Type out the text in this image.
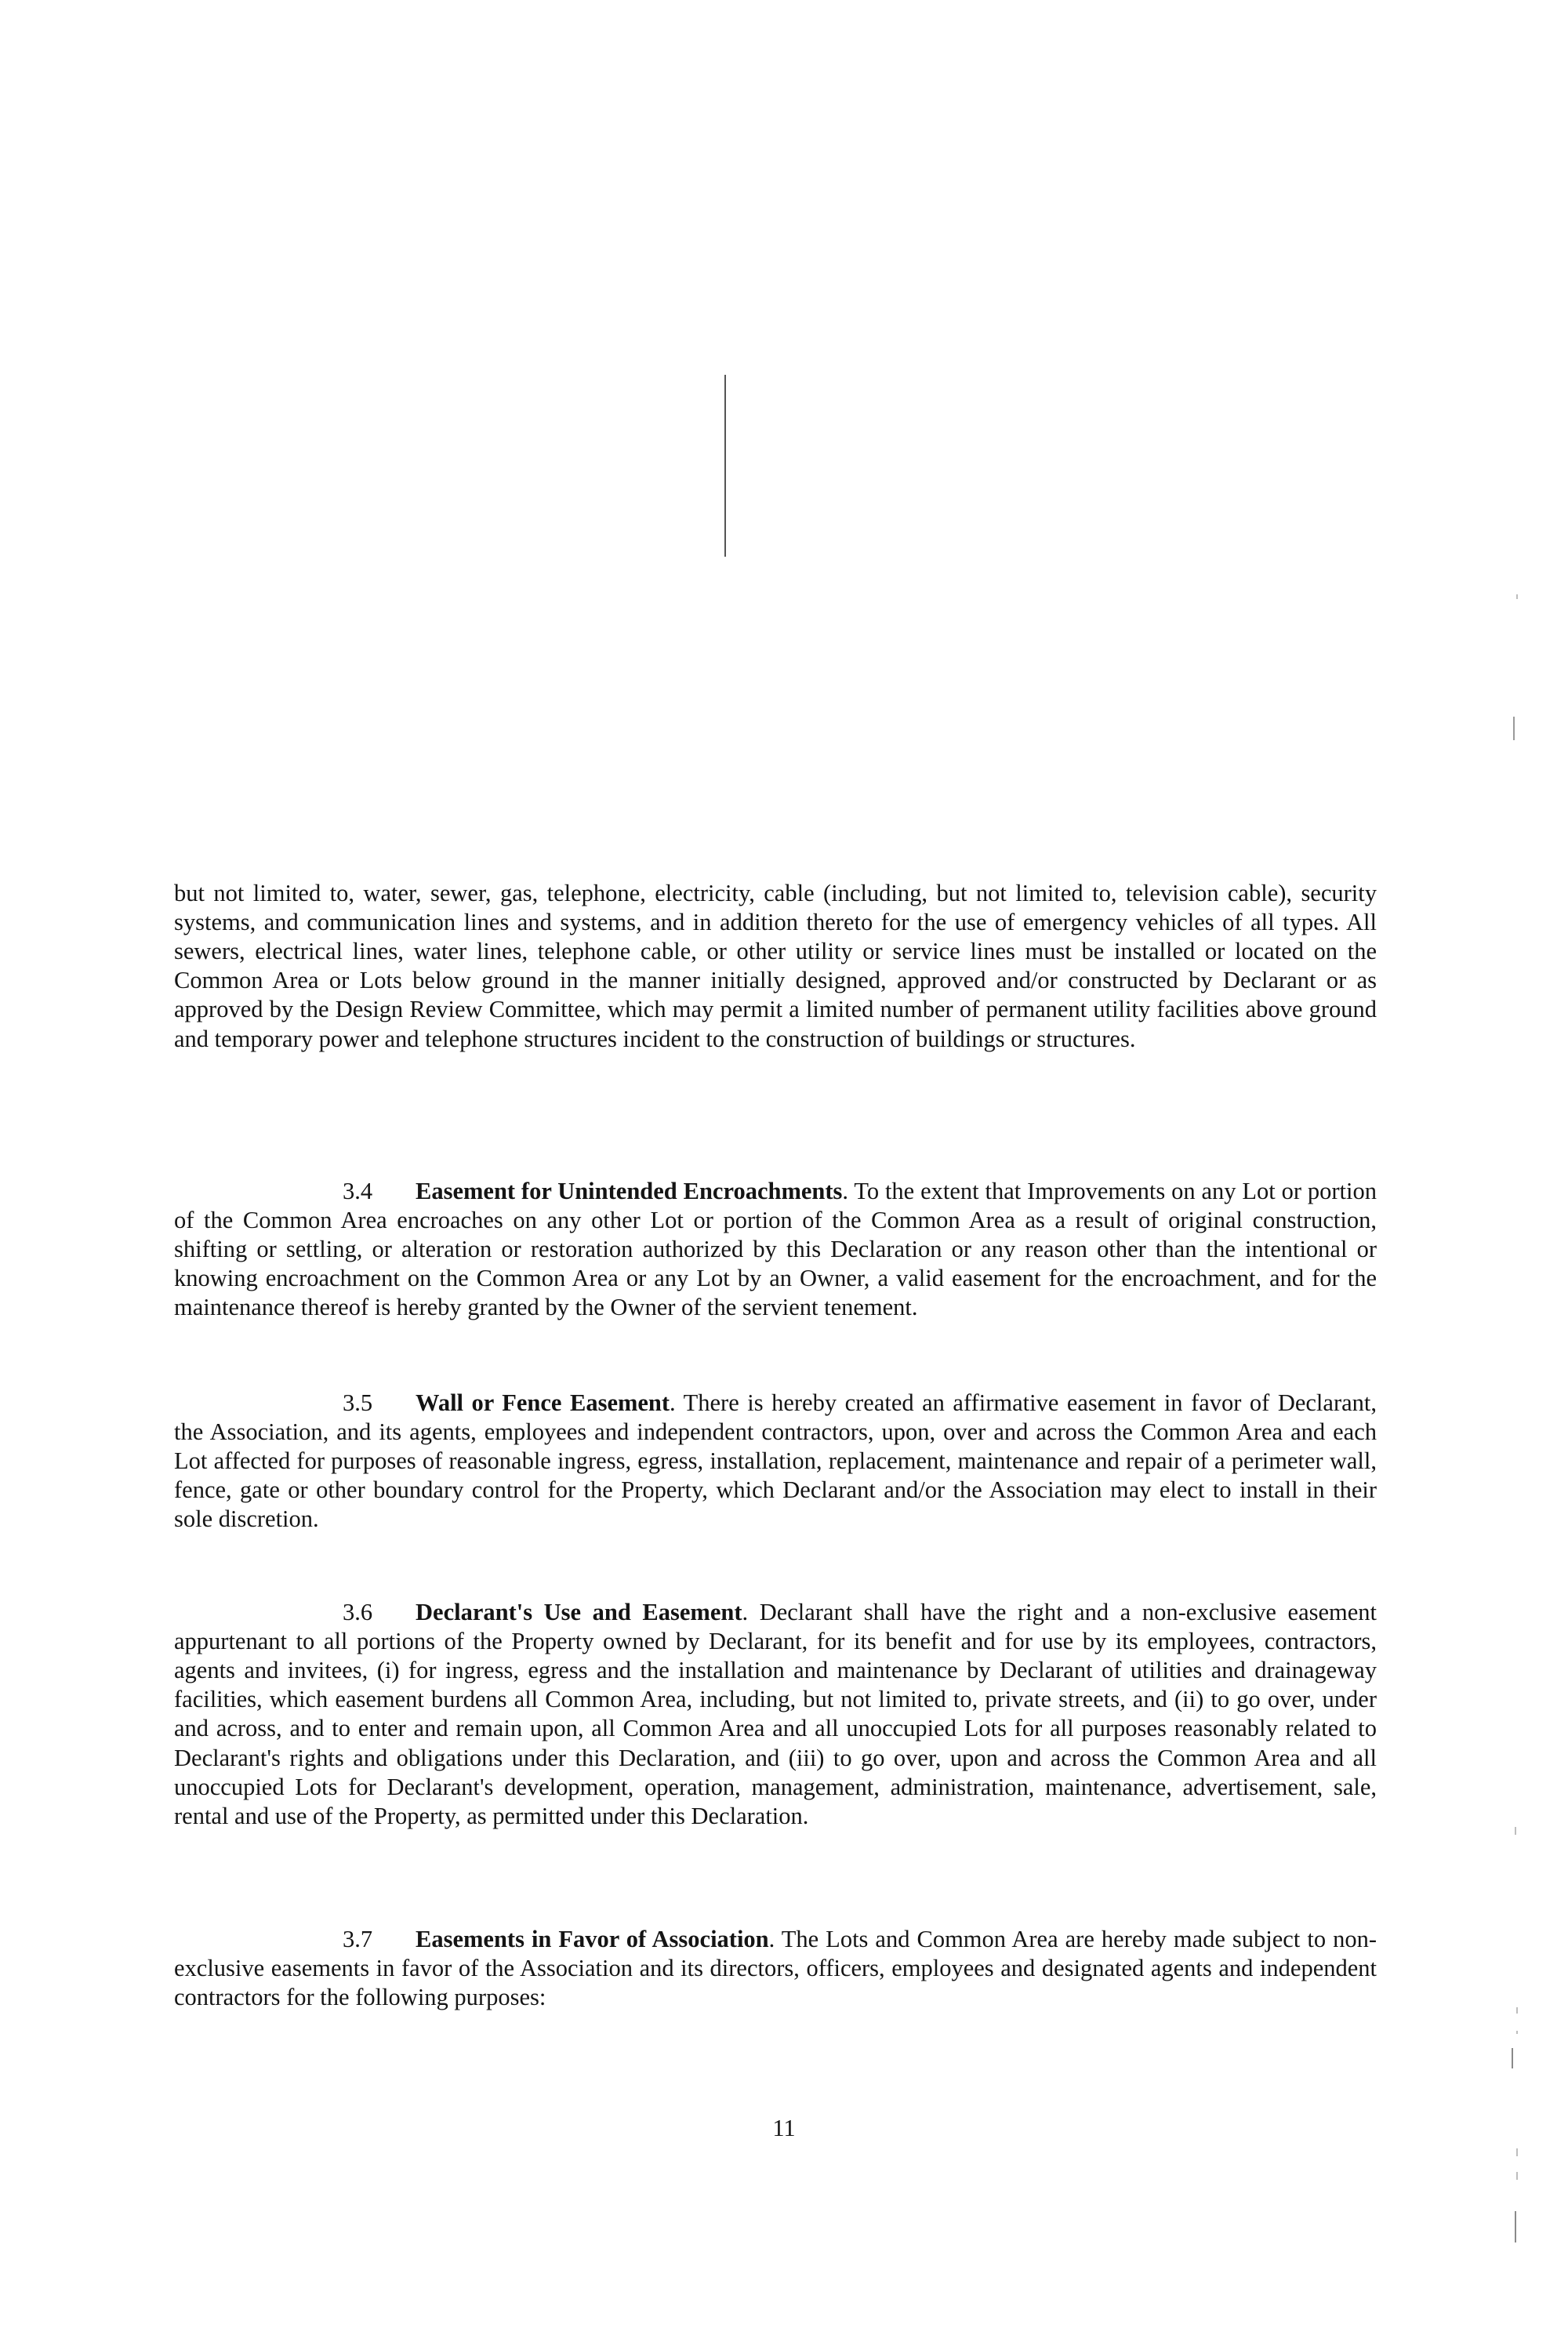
but not limited to, water, sewer, gas, telephone, electricity, cable (including, but not limited to, television cable), security systems, and communication lines and systems, and in addition thereto for the use of emergency vehicles of all types. All sewers, electrical lines, water lines, telephone cable, or other utility or service lines must be installed or located on the Common Area or Lots below ground in the manner initially designed, approved and/or constructed by Declarant or as approved by the Design Review Committee, which may permit a limited number of permanent utility facilities above ground and temporary power and telephone structures incident to the construction of buildings or structures.

3.4 Easement for Unintended Encroachments. To the extent that Improvements on any Lot or portion of the Common Area encroaches on any other Lot or portion of the Common Area as a result of original construction, shifting or settling, or alteration or restoration authorized by this Declaration or any reason other than the intentional or knowing encroachment on the Common Area or any Lot by an Owner, a valid easement for the encroachment, and for the maintenance thereof is hereby granted by the Owner of the servient tenement.

3.5 Wall or Fence Easement. There is hereby created an affirmative easement in favor of Declarant, the Association, and its agents, employees and independent contractors, upon, over and across the Common Area and each Lot affected for purposes of reasonable ingress, egress, installation, replacement, maintenance and repair of a perimeter wall, fence, gate or other boundary control for the Property, which Declarant and/or the Association may elect to install in their sole discretion.

3.6 Declarant's Use and Easement. Declarant shall have the right and a non-exclusive easement appurtenant to all portions of the Property owned by Declarant, for its benefit and for use by its employees, contractors, agents and invitees, (i) for ingress, egress and the installation and maintenance by Declarant of utilities and drainageway facilities, which easement burdens all Common Area, including, but not limited to, private streets, and (ii) to go over, under and across, and to enter and remain upon, all Common Area and all unoccupied Lots for all purposes reasonably related to Declarant's rights and obligations under this Declaration, and (iii) to go over, upon and across the Common Area and all unoccupied Lots for Declarant's development, operation, management, administration, maintenance, advertisement, sale, rental and use of the Property, as permitted under this Declaration.

3.7 Easements in Favor of Association. The Lots and Common Area are hereby made subject to non-exclusive easements in favor of the Association and its directors, officers, employees and designated agents and independent contractors for the following purposes:

11
